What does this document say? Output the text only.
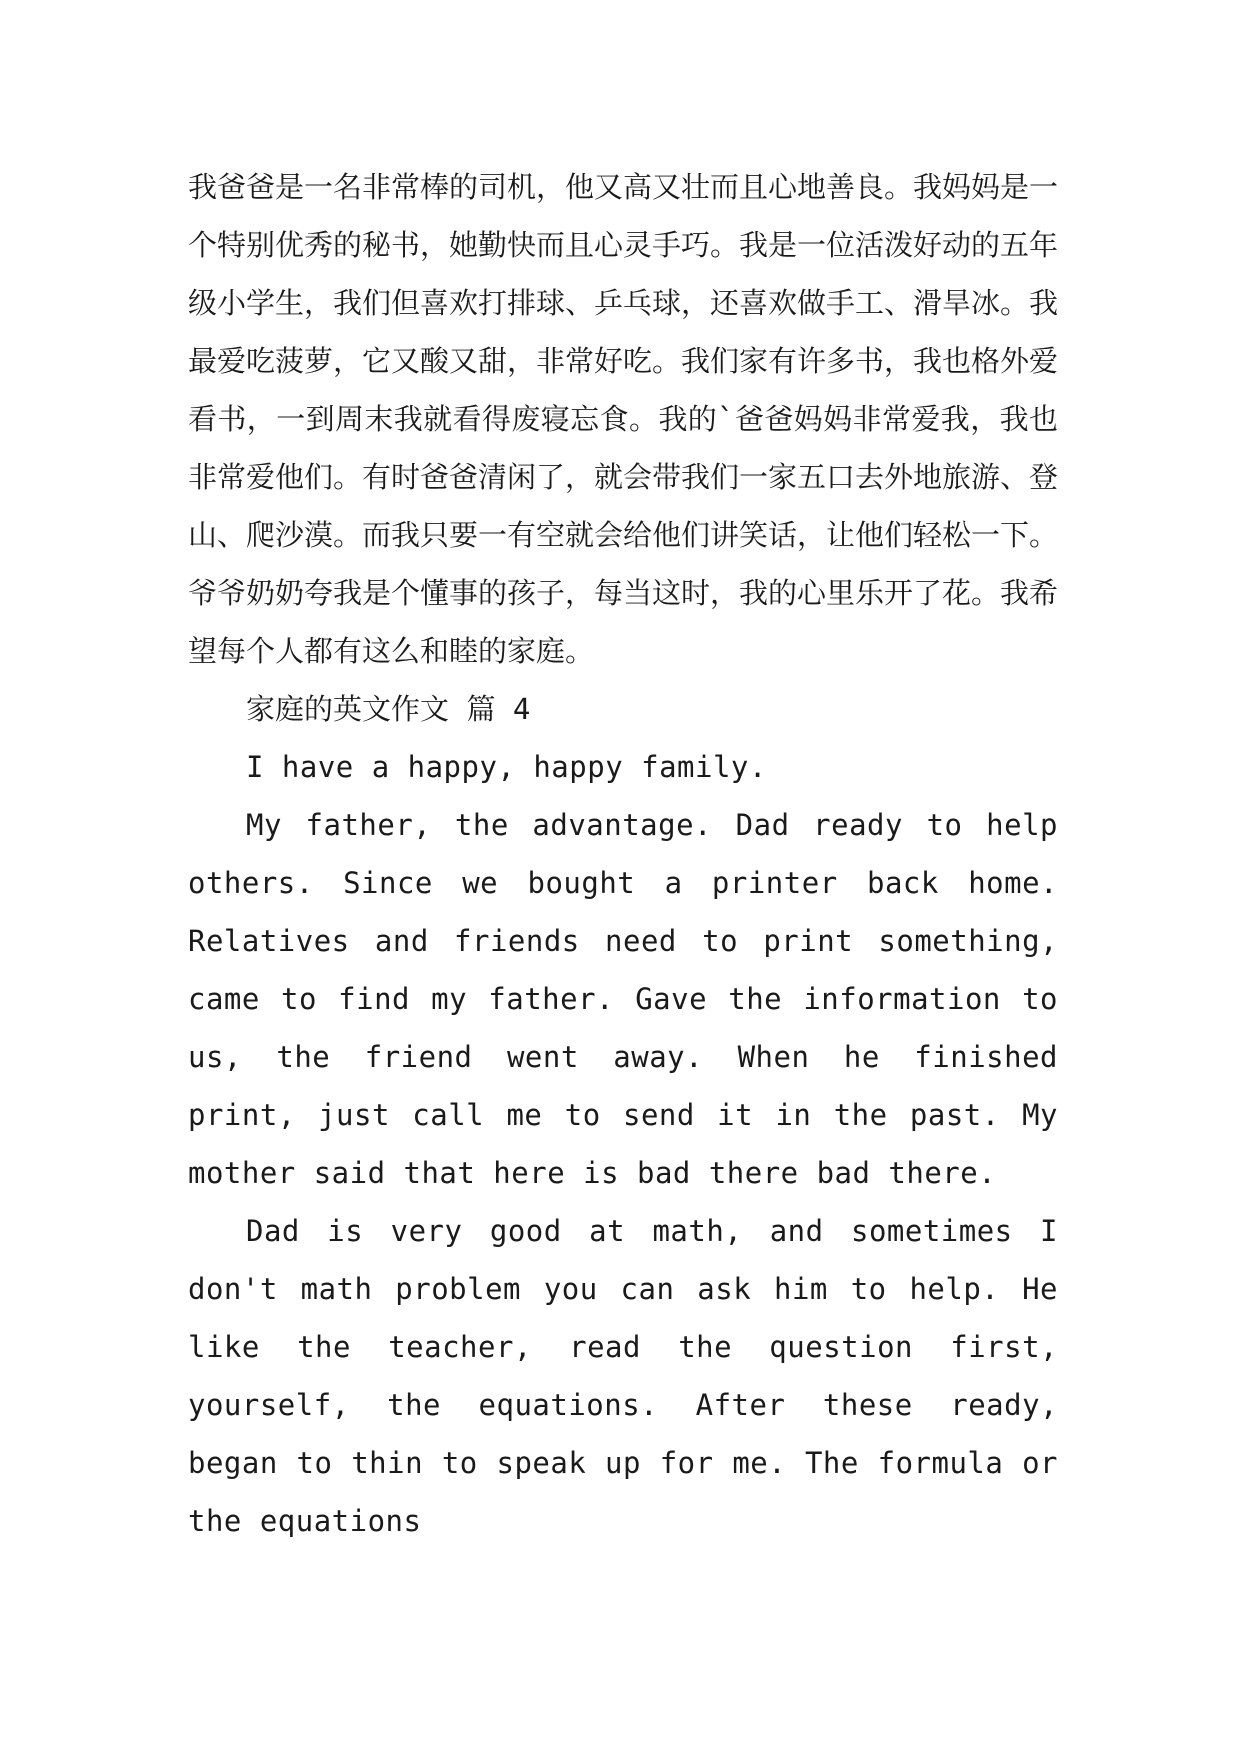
我爸爸是一名非常棒的司机，他又高又壮而且心地善良。我妈妈是一个特别优秀的秘书，她勤快而且心灵手巧。我是一位活泼好动的五年级小学生，我们但喜欢打排球、乒乓球，还喜欢做手工、滑旱冰。我最爱吃菠萝，它又酸又甜，非常好吃。我们家有许多书，我也格外爱看书，一到周末我就看得废寝忘食。我的`爸爸妈妈非常爱我，我也非常爱他们。有时爸爸清闲了，就会带我们一家五口去外地旅游、登山、爬沙漠。而我只要一有空就会给他们讲笑话，让他们轻松一下。爷爷奶奶夸我是个懂事的孩子，每当这时，我的心里乐开了花。我希望每个人都有这么和睦的家庭。

家庭的英文作文 篇 4

I have a happy, happy family.

My father, the advantage. Dad ready to help others. Since we bought a printer back home. Relatives and friends need to print something, came to find my father. Gave the information to us, the friend went away. When he finished print, just call me to send it in the past. My mother said that here is bad there bad there.

Dad is very good at math, and sometimes I don't math problem you can ask him to help. He like the teacher, read the question first, yourself, the equations. After these ready, began to thin to speak up for me. The formula or the equations
